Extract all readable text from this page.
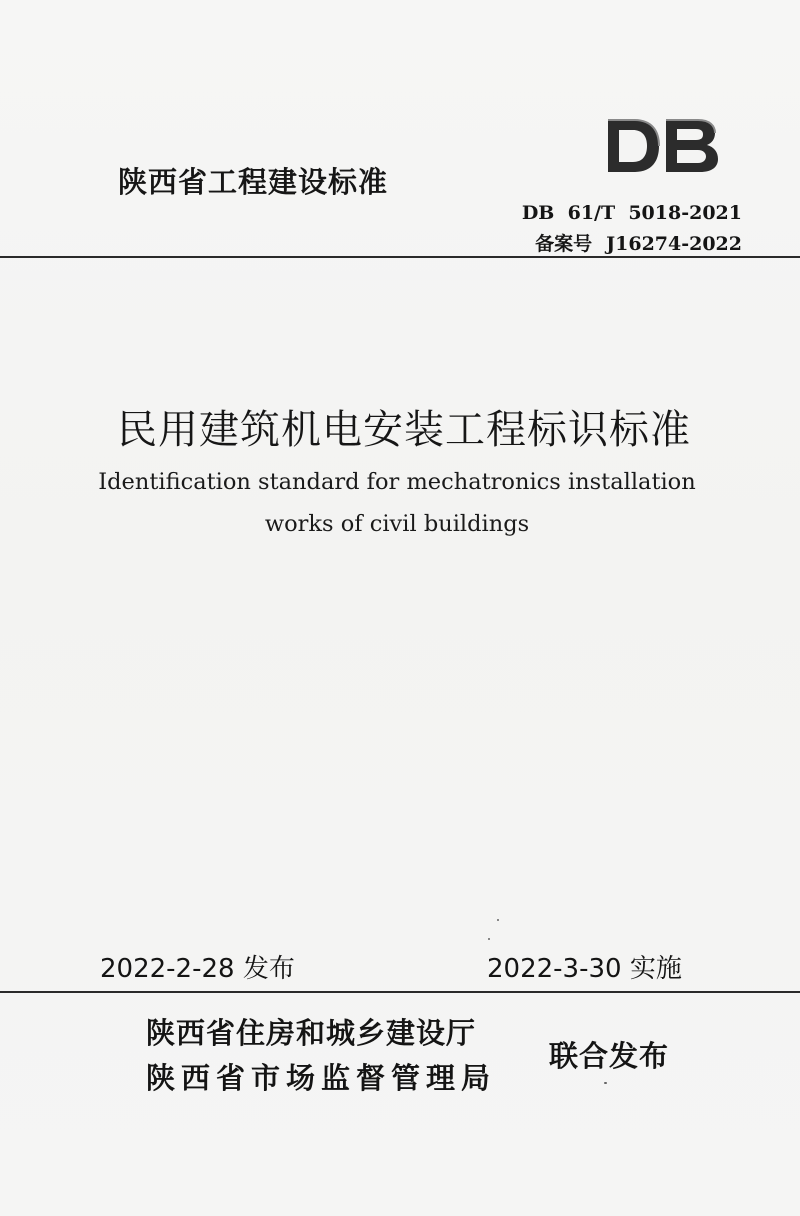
陕西省工程建设标准
DB  61/T  5018-2021
备案号 J16274-2022
民用建筑机电安装工程标识标准
Identification standard for mechatronics installation
works of civil buildings
2022-2-28 发布	2022-3-30 实施
陕西省住房和城乡建设厅
陕西省市场监督管理局
联合发布
